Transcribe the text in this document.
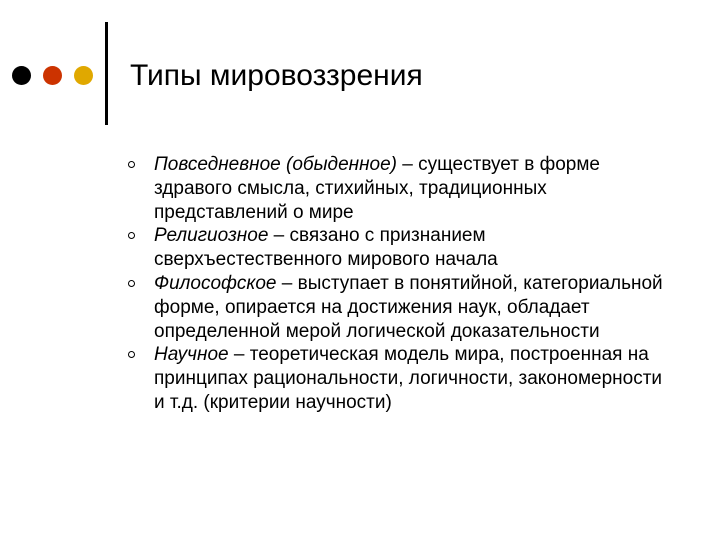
Типы мировоззрения
Повседневное (обыденное) – существует в форме здравого смысла, стихийных, традиционных представлений о мире
Религиозное – связано с признанием сверхъестественного мирового начала
Философское – выступает в понятийной, категориальной форме, опирается на достижения наук, обладает определенной мерой логической доказательности
Научное – теоретическая модель мира, построенная на принципах рациональности, логичности, закономерности и т.д. (критерии научности)
